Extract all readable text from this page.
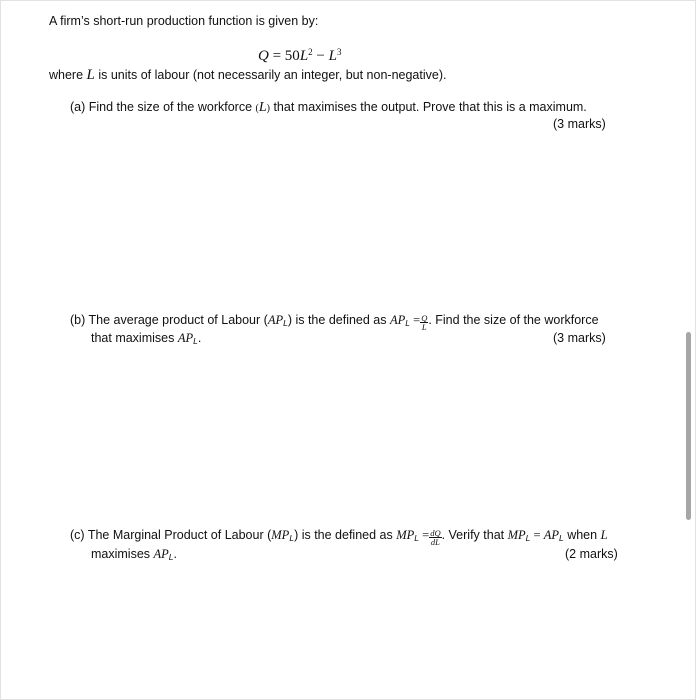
A firm’s short-run production function is given by:
$Q = 50L^2 - L^3$
where L is units of labour (not necessarily an integer, but non-negative).
(a) Find the size of the workforce (L) that maximises the output. Prove that this is a maximum.
(3 marks)
(b) The average product of Labour $(AP_L)$ is the defined as $AP_L = \frac{Q}{L}$ . Find the size of the workforce
that maximises $AP_L$.	(3 marks)
(c) The Marginal Product of Labour $(MP_L)$ is the defined as $MP_L = \frac{dQ}{dL}$ . Verify that $MP_L = AP_L$ when L
maximises $AP_L$.	(2 marks)
